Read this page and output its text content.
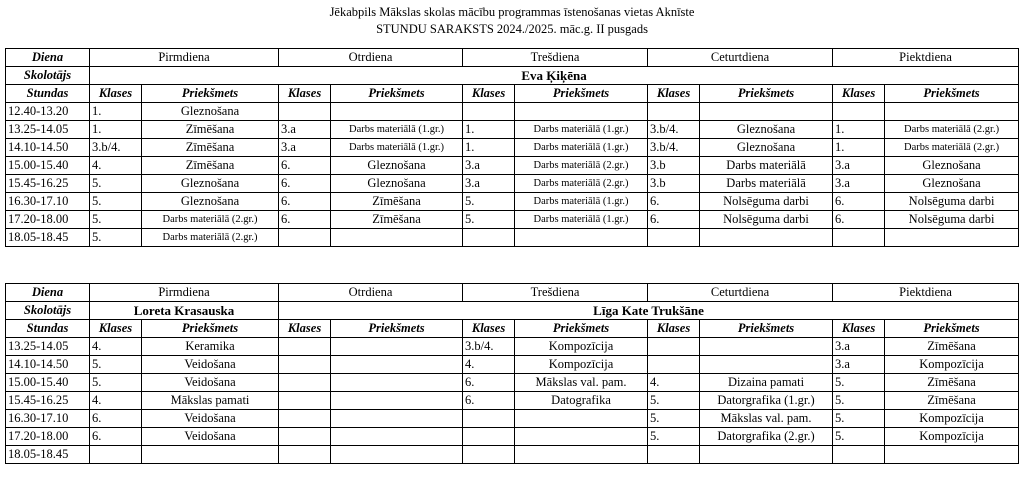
Jēkabpils Mākslas skolas mācību programmas īstenošanas vietas Aknīste
STUNDU SARAKSTS 2024./2025. māc.g. II pusgads
Diena	Pirmdiena		Otrdiena		Trešdiena		Ceturtdiena		Piektdiena	
Skolotājs	Eva Ķiķēna									
Stundas	Klases	Priekšmets	Klases	Priekšmets	Klases	Priekšmets	Klases	Priekšmets	Klases	Priekšmets
12.40-13.20	1.	Gleznošana								
13.25-14.05	1.	Zīmēšana	3.a	Darbs materiālā (1.gr.)	1.	Darbs materiālā (1.gr.)	3.b/4.	Gleznošana	1.	Darbs materiālā (2.gr.)
14.10-14.50	3.b/4.	Zīmēšana	3.a	Darbs materiālā (1.gr.)	1.	Darbs materiālā (1.gr.)	3.b/4.	Gleznošana	1.	Darbs materiālā (2.gr.)
15.00-15.40	4.	Zīmēšana	6.	Gleznošana	3.a	Darbs materiālā (2.gr.)	3.b	Darbs materiālā	3.a	Gleznošana
15.45-16.25	5.	Gleznošana	6.	Gleznošana	3.a	Darbs materiālā (2.gr.)	3.b	Darbs materiālā	3.a	Gleznošana
16.30-17.10	5.	Gleznošana	6.	Zīmēšana	5.	Darbs materiālā (1.gr.)	6.	Nolsēguma darbi	6.	Nolsēguma darbi
17.20-18.00	5.	Darbs materiālā (2.gr.)	6.	Zīmēšana	5.	Darbs materiālā (1.gr.)	6.	Nolsēguma darbi	6.	Nolsēguma darbi
18.05-18.45	5.	Darbs materiālā (2.gr.)								
Diena	Pirmdiena		Otrdiena		Trešdiena		Ceturtdiena		Piektdiena	
Skolotājs	Loreta Krasauska		Līga Kate Trukšāne							
Stundas	Klases	Priekšmets	Klases	Priekšmets	Klases	Priekšmets	Klases	Priekšmets	Klases	Priekšmets
13.25-14.05	4.	Keramika			3.b/4.	Kompozīcija			3.a	Zīmēšana
14.10-14.50	5.	Veidošana			4.	Kompozīcija			3.a	Kompozīcija
15.00-15.40	5.	Veidošana			6.	Mākslas val. pam.	4.	Dizaina pamati	5.	Zīmēšana
15.45-16.25	4.	Mākslas pamati			6.	Datografika	5.	Datorgrafika (1.gr.)	5.	Zīmēšana
16.30-17.10	6.	Veidošana					5.	Mākslas val. pam.	5.	Kompozīcija
17.20-18.00	6.	Veidošana					5.	Datorgrafika (2.gr.)	5.	Kompozīcija
18.05-18.45										
